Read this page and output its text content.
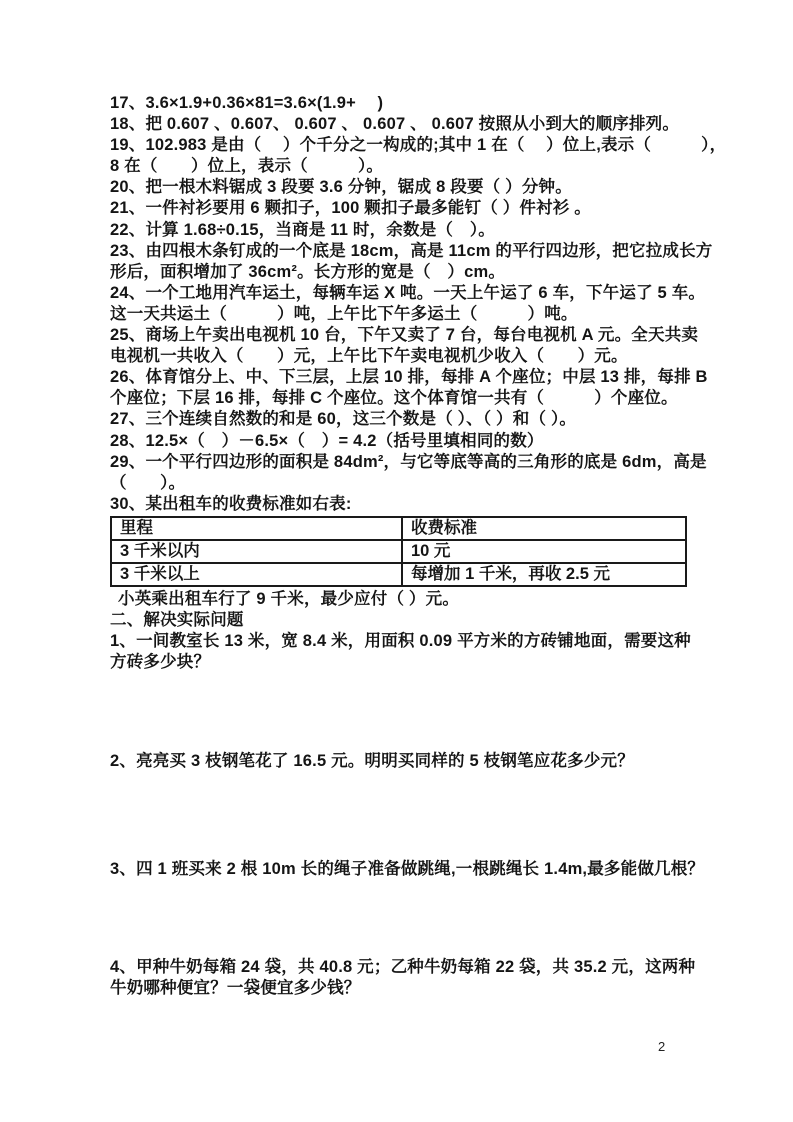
17、3.6×1.9+0.36×81=3.6×(1.9+　 )
18、把 0.607 、0.607、 0.607 、 0.607 、 0.607 按照从小到大的顺序排列。
19、102.983 是由（　 ）个千分之一构成的;其中 1 在（　 ）位上,表示（　　　），
8 在（　　）位上，表示（　　　）。
20、把一根木料锯成 3 段要 3.6 分钟，锯成 8 段要（ ）分钟。
21、一件衬衫要用 6 颗扣子，100 颗扣子最多能钉（ ）件衬衫 。
22、计算 1.68÷0.15，当商是 11 时，余数是（　）。
23、由四根木条钉成的一个底是 18cm，高是 11cm 的平行四边形，把它拉成长方
形后，面积增加了 36cm²。长方形的宽是（　）cm。
24、一个工地用汽车运土，每辆车运 X 吨。一天上午运了 6 车，下午运了 5 车。
这一天共运土（　　　）吨，上午比下午多运土（　　　）吨。
25、商场上午卖出电视机 10 台，下午又卖了 7 台，每台电视机 A 元。全天共卖
电视机一共收入（　　）元，上午比下午卖电视机少收入（　　）元。
26、体育馆分上、中、下三层，上层 10 排，每排 A 个座位；中层 13 排，每排 B
个座位；下层 16 排，每排 C 个座位。这个体育馆一共有（　　　）个座位。
27、三个连续自然数的和是 60，这三个数是（ ）、（ ）和（ ）。
28、12.5×（　）－6.5×（　）= 4.2（括号里填相同的数）
29、一个平行四边形的面积是 84dm²，与它等底等高的三角形的底是 6dm，高是
（　　）。
30、某出租车的收费标准如右表:
里程	收费标准
3 千米以内	10 元
3 千米以上	每增加 1 千米，再收 2.5 元
小英乘出租车行了 9 千米，最少应付（ ）元。
二、解决实际问题
1、一间教室长 13 米，宽 8.4 米，用面积 0.09 平方米的方砖铺地面，需要这种
方砖多少块？
2、亮亮买 3 枝钢笔花了 16.5 元。明明买同样的 5 枝钢笔应花多少元？
3、四 1 班买来 2 根 10m 长的绳子准备做跳绳,一根跳绳长 1.4m,最多能做几根？
4、甲种牛奶每箱 24 袋，共 40.8 元；乙种牛奶每箱 22 袋，共 35.2 元，这两种
牛奶哪种便宜？一袋便宜多少钱？
2
